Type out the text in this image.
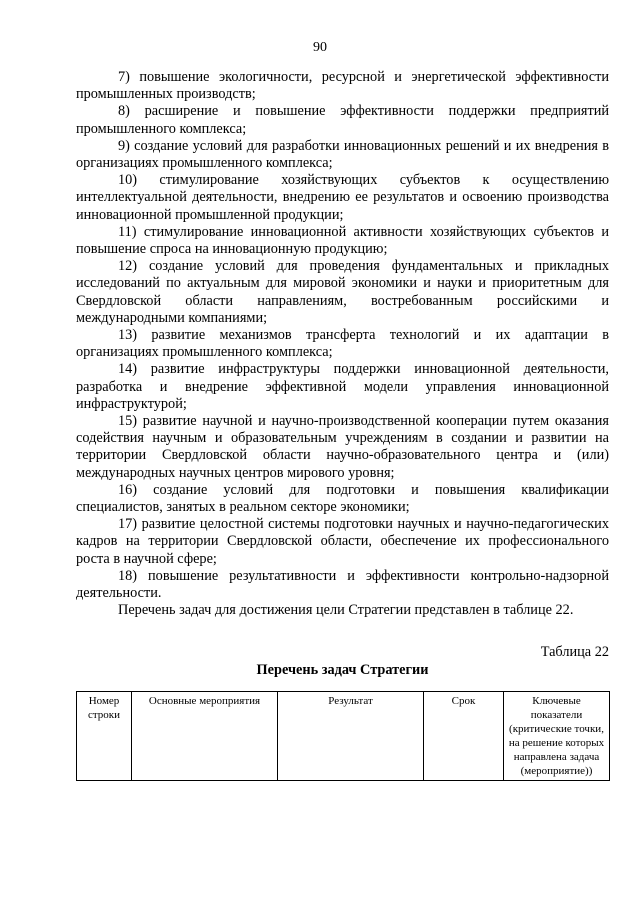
90

7) повышение экологичности, ресурсной и энергетической эффективности промышленных производств;

8) расширение и повышение эффективности поддержки предприятий промышленного комплекса;

9) создание условий для разработки инновационных решений и их внедрения в организациях промышленного комплекса;

10) стимулирование хозяйствующих субъектов к осуществлению интеллектуальной деятельности, внедрению ее результатов и освоению производства инновационной промышленной продукции;

11) стимулирование инновационной активности хозяйствующих субъектов и повышение спроса на инновационную продукцию;

12) создание условий для проведения фундаментальных и прикладных исследований по актуальным для мировой экономики и науки и приоритетным для Свердловской области направлениям, востребованным российскими и международными компаниями;

13) развитие механизмов трансферта технологий и их адаптации в организациях промышленного комплекса;

14) развитие инфраструктуры поддержки инновационной деятельности, разработка и внедрение эффективной модели управления инновационной инфраструктурой;

15) развитие научной и научно-производственной кооперации путем оказания содействия научным и образовательным учреждениям в создании и развитии на территории Свердловской области научно-образовательного центра и (или) международных научных центров мирового уровня;

16) создание условий для подготовки и повышения квалификации специалистов, занятых в реальном секторе экономики;

17) развитие целостной системы подготовки научных и научно-педагогических кадров на территории Свердловской области, обеспечение их профессионального роста в научной сфере;

18) повышение результативности и эффективности контрольно-надзорной деятельности.

Перечень задач для достижения цели Стратегии представлен в таблице 22.

Таблица 22
Перечень задач Стратегии
Номер строки	Основные мероприятия	Результат	Срок	Ключевые показатели (критические точки, на решение которых направлена задача (мероприятие))
